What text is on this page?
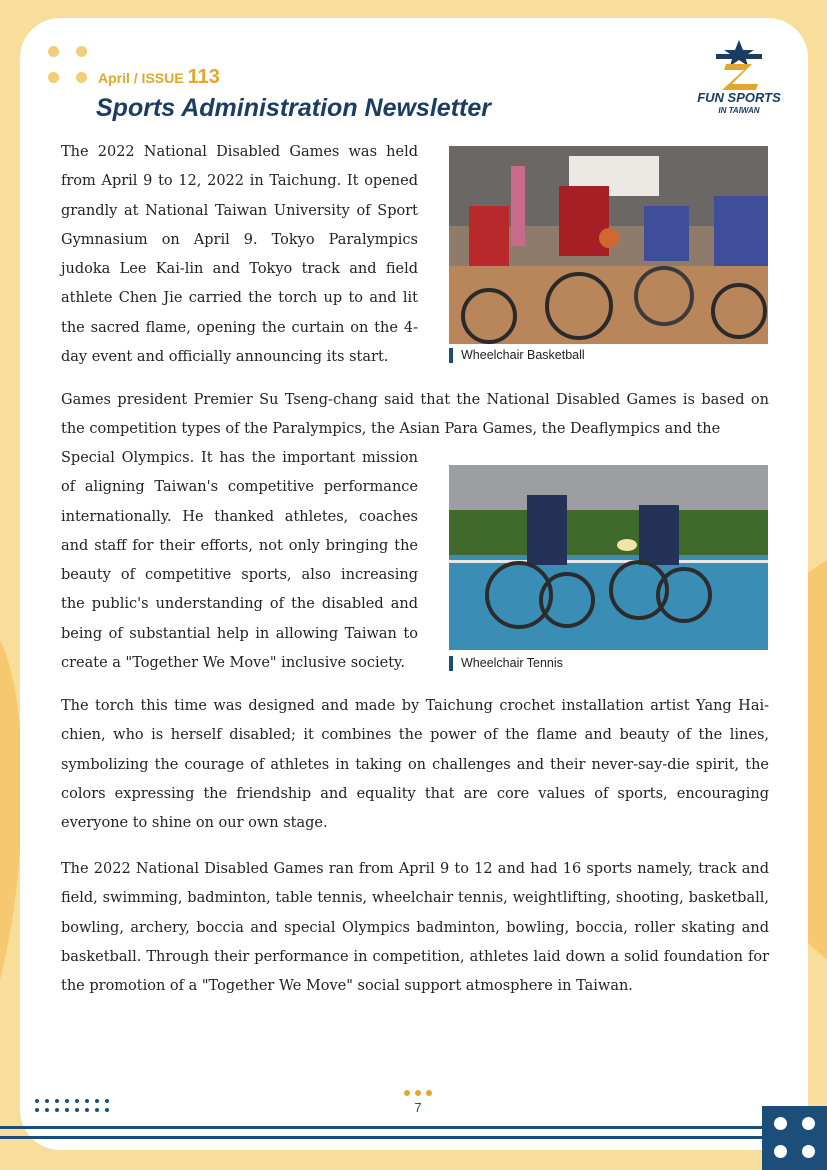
April / ISSUE 113
Sports Administration Newsletter	FUN SPORTS
IN TAIWAN

The 2022 National Disabled Games was held from April 9 to 12, 2022 in Taichung. It opened grandly at National Taiwan University of Sport Gymnasium on April 9. Tokyo Paralympics judoka Lee Kai-lin and Tokyo track and field athlete Chen Jie carried the torch up to and lit the sacred flame, opening the curtain on the 4-day event and officially announcing its start.	Wheelchair Basketball

Games president Premier Su Tseng-chang said that the National Disabled Games is based on the competition types of the Paralympics, the Asian Para Games, the Deaflympics and the

Special Olympics. It has the important mission of aligning Taiwan's competitive performance internationally. He thanked athletes, coaches and staff for their efforts, not only bringing the beauty of competitive sports, also increasing the public's understanding of the disabled and being of substantial help in allowing Taiwan to create a "Together We Move" inclusive society.	Wheelchair Tennis

The torch this time was designed and made by Taichung crochet installation artist Yang Hai-chien, who is herself disabled; it combines the power of the flame and beauty of the lines, symbolizing the courage of athletes in taking on challenges and their never-say-die spirit, the colors expressing the friendship and equality that are core values of sports, encouraging everyone to shine on our own stage.

The 2022 National Disabled Games ran from April 9 to 12 and had 16 sports namely, track and field, swimming, badminton, table tennis, wheelchair tennis, weightlifting, shooting, basketball, bowling, archery, boccia and special Olympics badminton, bowling, boccia, roller skating and basketball. Through their performance in competition, athletes laid down a solid foundation for the promotion of a "Together We Move" social support atmosphere in Taiwan.

7
